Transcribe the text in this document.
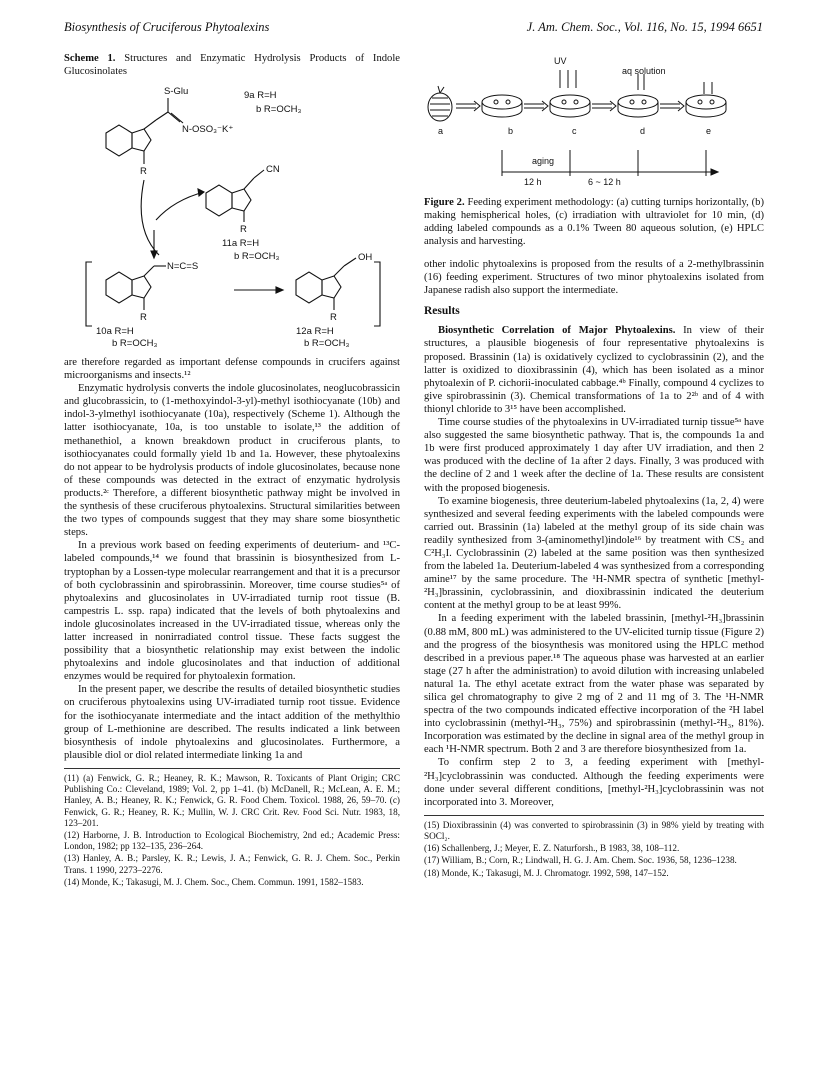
Biosynthesis of Cruciferous Phytoalexins	J. Am. Chem. Soc., Vol. 116, No. 15, 1994 6651
Scheme 1. Structures and Enzymatic Hydrolysis Products of Indole Glucosinolates
S-Glu
N-OSO₃⁻K⁺
R
9a R=H
b R=OCH₃
CN
R
11a R=H
b R=OCH₃
N=C=S
OH
R	R
10a R=H
b R=OCH₃
12a R=H
b R=OCH₃

are therefore regarded as important defense compounds in crucifers against microorganisms and insects.¹²

Enzymatic hydrolysis converts the indole glucosinolates, neoglucobrassicin and glucobrassicin, to (1-methoxyindol-3-yl)-methyl isothiocyanate (10b) and indol-3-ylmethyl isothiocyanate (10a), respectively (Scheme 1). Although the latter isothiocyanate, 10a, is too unstable to isolate,¹³ the addition of methanethiol, a known breakdown product in cruciferous plants, to isothiocyanates could formally yield 1b and 1a. However, these phytoalexins do not appear to be hydrolysis products of indole glucosinolates, because none of these compounds was detected in the extract of enzymatic hydrolysis products.²ᶜ Therefore, a different biosynthetic pathway might be involved in the synthesis of these cruciferous phytoalexins. Structural similarities between the two types of compounds suggest that they may share some biosynthetic steps.

In a previous work based on feeding experiments of deuterium- and ¹³C-labeled compounds,¹⁴ we found that brassinin is biosynthesized from L-tryptophan by a Lossen-type molecular rearrangement and that it is a precursor of both cyclobrassinin and spirobrassinin. Moreover, time course studies⁵ᵃ of phytoalexins and glucosinolates in UV-irradiated turnip root tissue (B. campestris L. ssp. rapa) indicated that the levels of both phytoalexins and indole glucosinolates increased in the UV-irradiated tissue, whereas only the latter increased in nonirradiated control tissue. These facts suggest the possibility that a biosynthetic relationship may exist between the indolic phytoalexins and indole glucosinolates and that induction of additional enzymes would be required for phytoalexin formation.

In the present paper, we describe the results of detailed biosynthetic studies on cruciferous phytoalexins using UV-irradiated turnip root tissue. Evidence for the isothiocyanate intermediate and the intact addition of the methylthio group of L-methionine are described. The results indicated a link between biosynthesis of indole phytoalexins and glucosinolates. Furthermore, a plausible diol or diol related intermediate linking 1a and

(11) (a) Fenwick, G. R.; Heaney, R. K.; Mawson, R. Toxicants of Plant Origin; CRC Publishing Co.: Cleveland, 1989; Vol. 2, pp 1–41. (b) McDanell, R.; McLean, A. E. M.; Hanley, A. B.; Heaney, R. K.; Fenwick, G. R. Food Chem. Toxicol. 1988, 26, 59–70. (c) Fenwick, G. R.; Heaney, R. K.; Mullin, W. J. CRC Crit. Rev. Food Sci. Nutr. 1983, 18, 123–201.
(12) Harborne, J. B. Introduction to Ecological Biochemistry, 2nd ed.; Academic Press: London, 1982; pp 132–135, 236–264.
(13) Hanley, A. B.; Parsley, K. R.; Lewis, J. A.; Fenwick, G. R. J. Chem. Soc., Perkin Trans. 1 1990, 2273–2276.
(14) Monde, K.; Takasugi, M. J. Chem. Soc., Chem. Commun. 1991, 1582–1583.
UV
aq solution
a	b	c	d	e
aging
12 h	6 ~ 12 h
Figure 2. Feeding experiment methodology: (a) cutting turnips horizontally, (b) making hemispherical holes, (c) irradiation with ultraviolet for 10 min, (d) adding labeled compounds as a 0.1% Tween 80 aqueous solution, (e) HPLC analysis and harvesting.

other indolic phytoalexins is proposed from the results of a 2-methylbrassinin (16) feeding experiment. Structures of two minor phytoalexins isolated from Japanese radish also support the intermediate.

Results

Biosynthetic Correlation of Major Phytoalexins. In view of their structures, a plausible biogenesis of four representative phytoalexins is proposed. Brassinin (1a) is oxidatively cyclized to cyclobrassinin (2), and the latter is oxidized to dioxibrassinin (4), which has been isolated as a minor phytoalexin of P. cichorii-inoculated cabbage.⁴ᵇ Finally, compound 4 cyclizes to give spirobrassinin (3). Chemical transformations of 1a to 2²ᵇ and of 4 with thionyl chloride to 3¹⁵ have been accomplished.

Time course studies of the phytoalexins in UV-irradiated turnip tissue⁵ᵃ have also suggested the same biosynthetic pathway. That is, the compounds 1a and 1b were first produced approximately 1 day after UV irradiation, and then 2 was produced with the decline of 1a after 2 days. Finally, 3 was produced with the decline of 2 and 1 week after the decline of 1a. These results are consistent with the proposed biogenesis.

To examine biogenesis, three deuterium-labeled phytoalexins (1a, 2, 4) were synthesized and several feeding experiments with the labeled compounds were carried out. Brassinin (1a) labeled at the methyl group of its side chain was readily synthesized from 3-(aminomethyl)indole¹⁶ by treatment with CS₂ and C²H₃I. Cyclobrassinin (2) labeled at the same position was then synthesized from the labeled 1a. Deuterium-labeled 4 was synthesized from a corresponding amine¹⁷ by the same procedure. The ¹H-NMR spectra of synthetic [methyl-²H₃]brassinin, cyclobrassinin, and dioxibrassinin indicated the deuterium content at the methyl group to be at least 99%.

In a feeding experiment with the labeled brassinin, [methyl-²H₃]brassinin (0.88 mM, 800 mL) was administered to the UV-elicited turnip tissue (Figure 2) and the progress of the biosynthesis was monitored using the HPLC method described in a previous paper.¹⁸ The aqueous phase was harvested at an earlier stage (27 h after the administration) to avoid dilution with increasing unlabeled natural 1a. The ethyl acetate extract from the water phase was separated by silica gel chromatography to give 2 mg of 2 and 11 mg of 3. The ¹H-NMR spectra of the two compounds indicated effective incorporation of the ²H label into cyclobrassinin (methyl-²H₃, 75%) and spirobrassinin (methyl-²H₃, 81%). Incorporation was estimated by the decline in signal area of the methyl group in each ¹H-NMR spectrum. Both 2 and 3 are therefore biosynthesized from 1a.

To confirm step 2 to 3, a feeding experiment with [methyl-²H₃]cyclobrassinin was conducted. Although the feeding experiments were done under several different conditions, [methyl-²H₃]cyclobrassinin was not incorporated into 3. Moreover,

(15) Dioxibrassinin (4) was converted to spirobrassinin (3) in 98% yield by treating with SOCl₂.
(16) Schallenberg, J.; Meyer, E. Z. Naturforsh., B 1983, 38, 108–112.
(17) William, B.; Corn, R.; Lindwall, H. G. J. Am. Chem. Soc. 1936, 58, 1236–1238.
(18) Monde, K.; Takasugi, M. J. Chromatogr. 1992, 598, 147–152.
